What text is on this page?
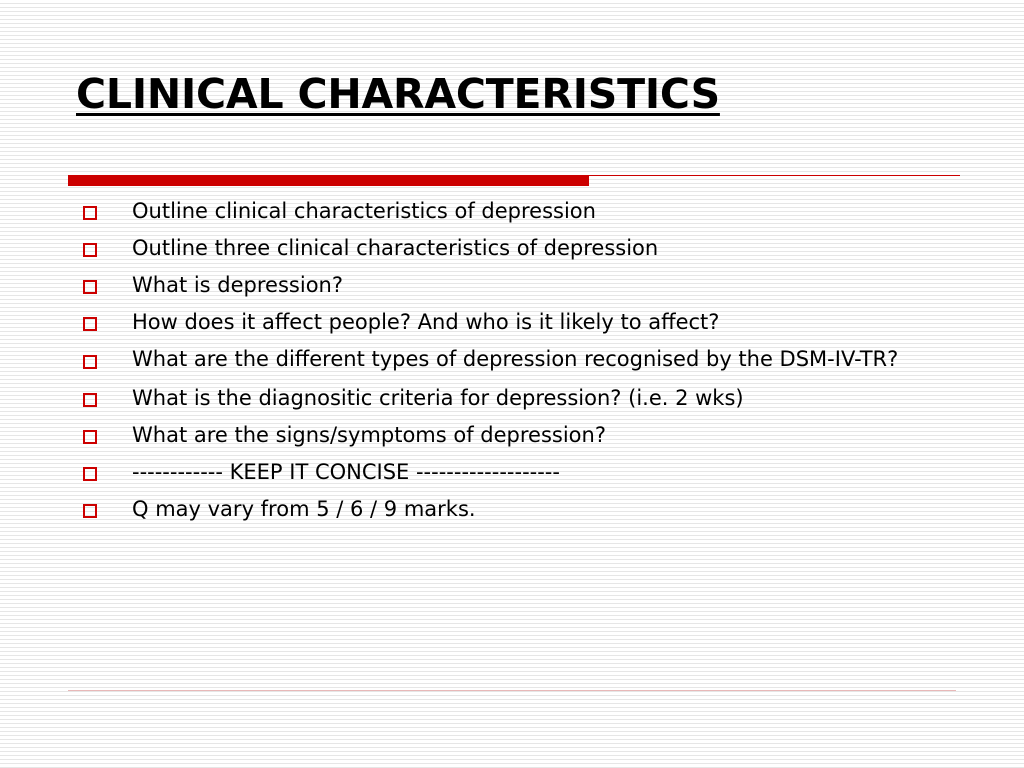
CLINICAL CHARACTERISTICS
Outline clinical characteristics of depression
Outline three clinical characteristics of depression
What is depression?
How does it affect people? And who is it likely to affect?
What are the different types of depression recognised by the DSM-IV-TR?
What is the diagnositic criteria for depression? (i.e. 2 wks)
What are the signs/symptoms of depression?
------------ KEEP IT CONCISE -------------------
Q may vary from 5 / 6 / 9 marks.
